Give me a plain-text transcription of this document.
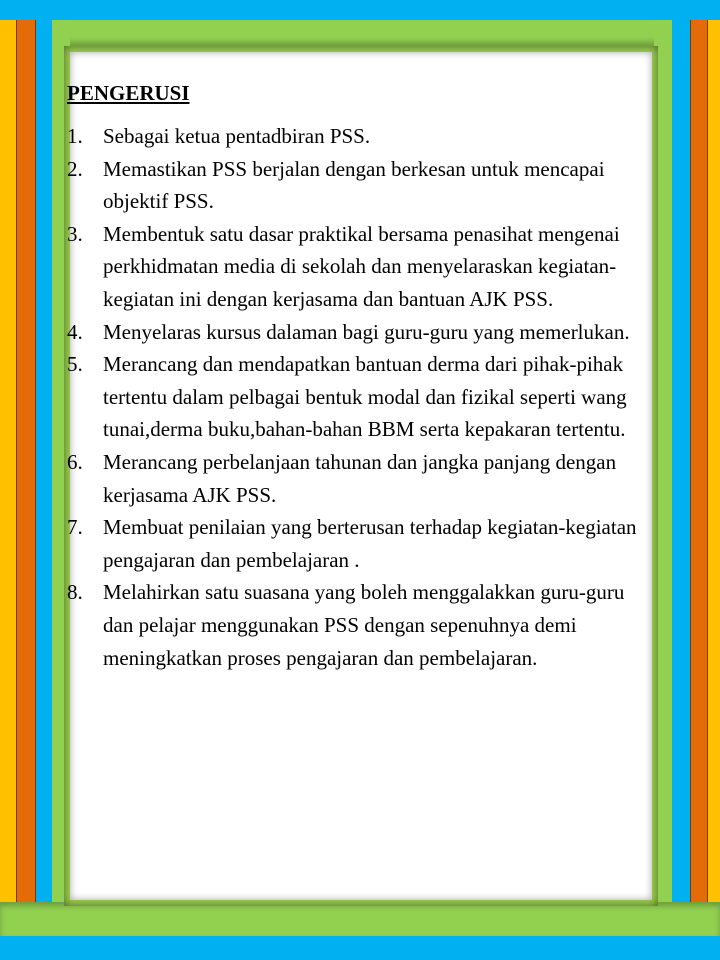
PENGERUSI
1. Sebagai ketua pentadbiran PSS.
2. Memastikan PSS berjalan dengan berkesan untuk mencapai objektif PSS.
3. Membentuk satu dasar praktikal bersama penasihat mengenai perkhidmatan media di sekolah dan menyelaraskan kegiatan- kegiatan ini dengan kerjasama dan bantuan AJK PSS.
4. Menyelaras kursus dalaman bagi guru-guru yang memerlukan.
5. Merancang dan mendapatkan bantuan derma dari pihak-pihak tertentu dalam pelbagai bentuk modal dan fizikal seperti wang tunai,derma buku,bahan-bahan BBM serta kepakaran tertentu.
6. Merancang perbelanjaan tahunan dan jangka panjang dengan kerjasama AJK PSS.
7. Membuat penilaian yang berterusan terhadap kegiatan-kegiatan pengajaran dan pembelajaran .
8. Melahirkan satu suasana yang boleh menggalakkan guru-guru dan pelajar menggunakan PSS dengan sepenuhnya demi meningkatkan proses pengajaran dan pembelajaran.
